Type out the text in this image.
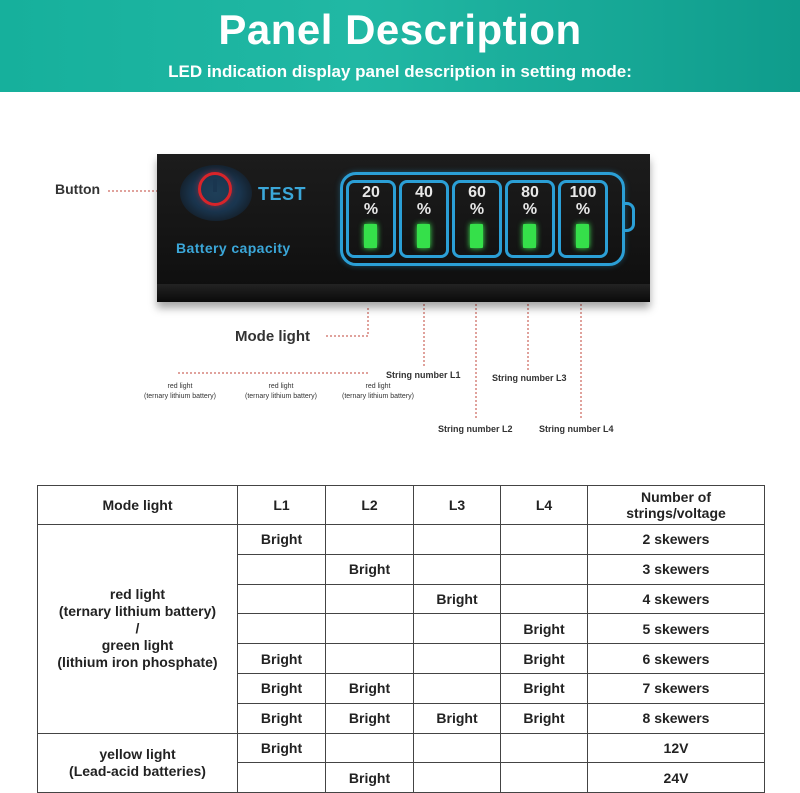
Panel Description
LED indication display panel description in setting mode:
Button
Mode light
String number L1	String number L3
String number L2	String number L4
red light
(ternary lithium battery)
red light
(ternary lithium battery)
red light
(ternary lithium battery)
TEST
Battery capacity
20
%
40
%
60
%
80
%
100
%
Mode light	L1	L2	L3	L4	Number of
strings/voltage

red light
(ternary lithium battery)
/
green light
(lithium iron phosphate)	Bright				2 skewers
		Bright			3 skewers
			Bright		4 skewers
				Bright	5 skewers
	Bright			Bright	6 skewers
	Bright	Bright		Bright	7 skewers
	Bright	Bright	Bright	Bright	8 skewers

yellow light
(Lead-acid batteries)	Bright				12V
		Bright			24V
